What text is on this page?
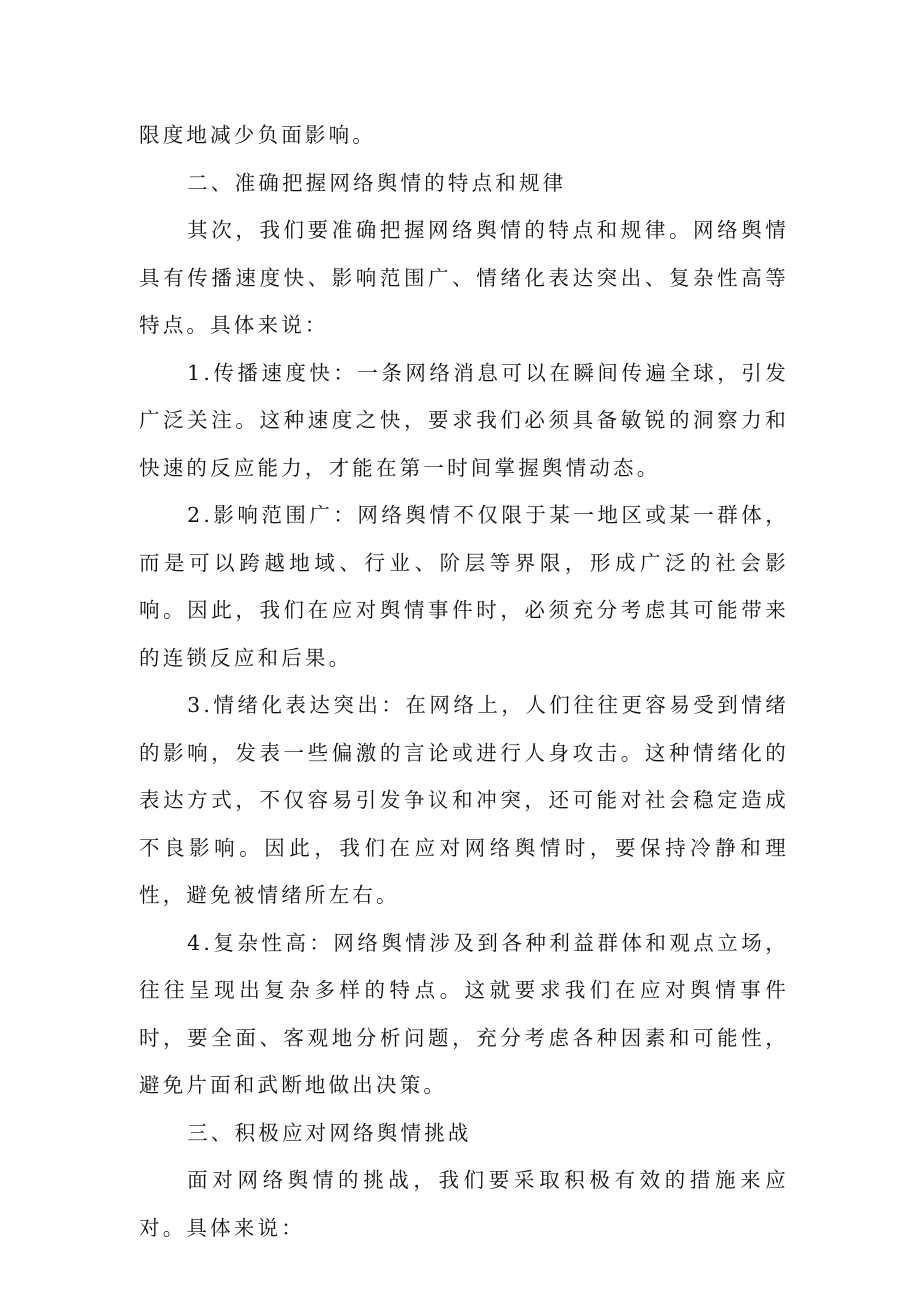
限度地减少负面影响。

二、准确把握网络舆情的特点和规律

其次，我们要准确把握网络舆情的特点和规律。网络舆情具有传播速度快、影响范围广、情绪化表达突出、复杂性高等特点。具体来说：

1.传播速度快：一条网络消息可以在瞬间传遍全球，引发广泛关注。这种速度之快，要求我们必须具备敏锐的洞察力和快速的反应能力，才能在第一时间掌握舆情动态。

2.影响范围广：网络舆情不仅限于某一地区或某一群体，而是可以跨越地域、行业、阶层等界限，形成广泛的社会影响。因此，我们在应对舆情事件时，必须充分考虑其可能带来的连锁反应和后果。

3.情绪化表达突出：在网络上，人们往往更容易受到情绪的影响，发表一些偏激的言论或进行人身攻击。这种情绪化的表达方式，不仅容易引发争议和冲突，还可能对社会稳定造成不良影响。因此，我们在应对网络舆情时，要保持冷静和理性，避免被情绪所左右。

4.复杂性高：网络舆情涉及到各种利益群体和观点立场，往往呈现出复杂多样的特点。这就要求我们在应对舆情事件时，要全面、客观地分析问题，充分考虑各种因素和可能性，避免片面和武断地做出决策。

三、积极应对网络舆情挑战

面对网络舆情的挑战，我们要采取积极有效的措施来应对。具体来说：
